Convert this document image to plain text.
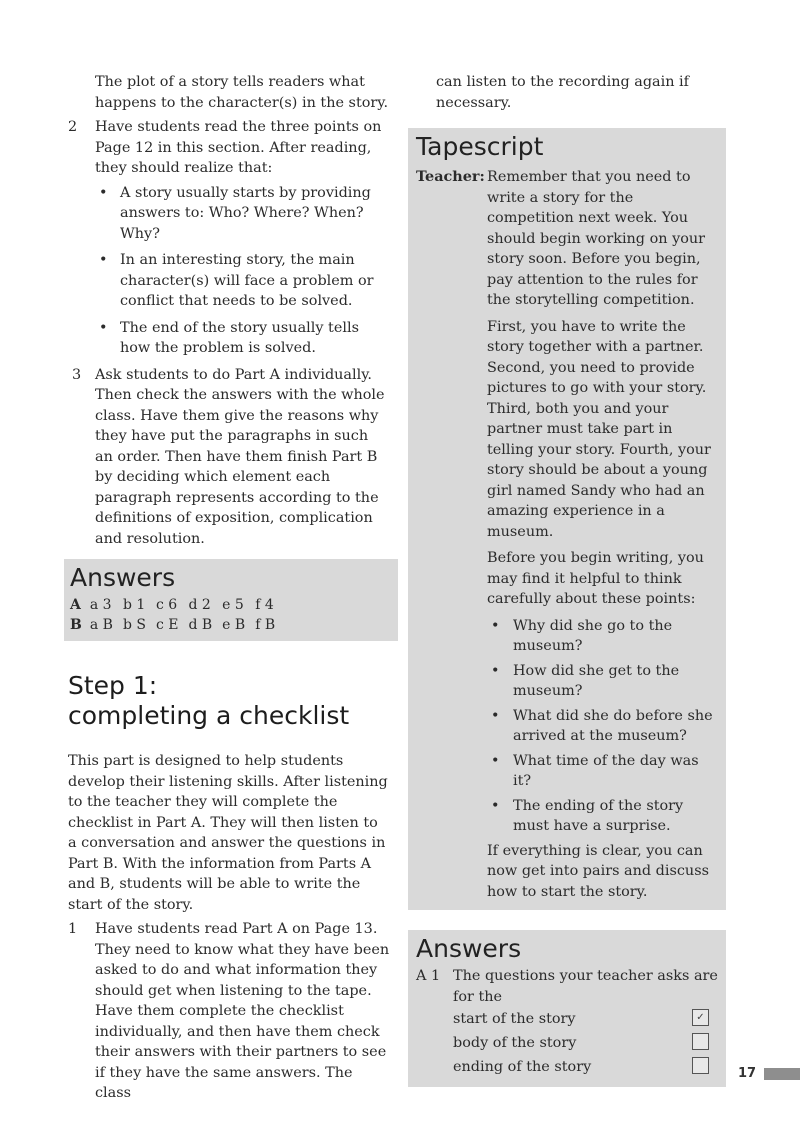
The plot of a story tells readers what happens to the character(s) in the story.

2 Have students read the three points on Page 12 in this section. After reading, they should realize that:

• A story usually starts by providing answers to: Who? Where? When? Why?
• In an interesting story, the main character(s) will face a problem or conflict that needs to be solved.
• The end of the story usually tells how the problem is solved.
3 Ask students to do Part A individually. Then check the answers with the whole class. Have them give the reasons why they have put the paragraphs in such an order. Then have them finish Part B by deciding which element each paragraph represents according to the definitions of exposition, complication and resolution.

Answers
A	a 3	b 1	c 6	d 2	e 5	f 4
B	a B	b S	c E	d B	e B	f B
Step 1:
completing a checklist

This part is designed to help students develop their listening skills. After listening to the teacher they will complete the checklist in Part A. They will then listen to a conversation and answer the questions in Part B. With the information from Parts A and B, students will be able to write the start of the story.

1 Have students read Part A on Page 13. They need to know what they have been asked to do and what information they should get when listening to the tape. Have them complete the checklist individually, and then have them check their answers with their partners to see if they have the same answers. The class

can listen to the recording again if necessary.

Tapescript
Teacher: Remember that you need to write a story for the competition next week. You should begin working on your story soon. Before you begin, pay attention to the rules for the storytelling competition.

First, you have to write the story together with a partner. Second, you need to provide pictures to go with your story. Third, both you and your partner must take part in telling your story. Fourth, your story should be about a young girl named Sandy who had an amazing experience in a museum.

Before you begin writing, you may find it helpful to think carefully about these points:

• Why did she go to the museum?
• How did she get to the museum?
• What did she do before she arrived at the museum?
• What time of the day was it?
• The ending of the story must have a surprise.

If everything is clear, you can now get into pairs and discuss how to start the story.

Answers
A 1 The questions your teacher asks are for the

start of the story	✓
body of the story
ending of the story	17
